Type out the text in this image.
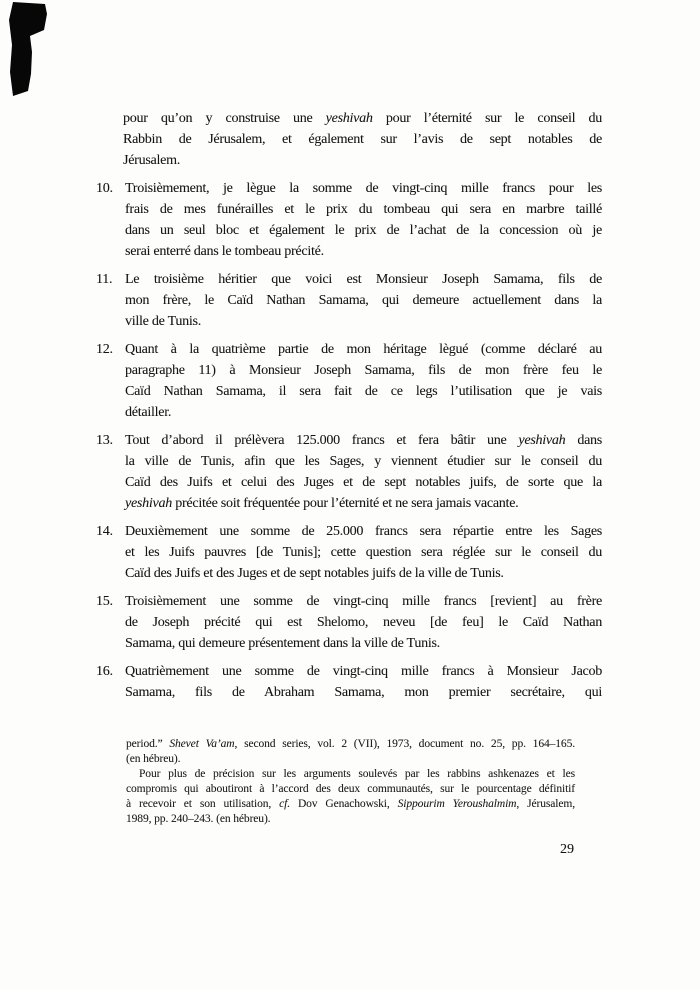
pour qu’on y construise une yeshivah pour l’éternité sur le conseil du
Rabbin de Jérusalem, et également sur l’avis de sept notables de
Jérusalem.
10. Troisièmement, je lègue la somme de vingt-cinq mille francs pour les
frais de mes funérailles et le prix du tombeau qui sera en marbre taillé
dans un seul bloc et également le prix de l’achat de la concession où je
serai enterré dans le tombeau précité.
11. Le troisième héritier que voici est Monsieur Joseph Samama, fils de
mon frère, le Caïd Nathan Samama, qui demeure actuellement dans la
ville de Tunis.
12. Quant à la quatrième partie de mon héritage lègué (comme déclaré au
paragraphe 11) à Monsieur Joseph Samama, fils de mon frère feu le
Caïd Nathan Samama, il sera fait de ce legs l’utilisation que je vais
détailler.
13. Tout d’abord il prélèvera 125.000 francs et fera bâtir une yeshivah dans
la ville de Tunis, afin que les Sages, y viennent étudier sur le conseil du
Caïd des Juifs et celui des Juges et de sept notables juifs, de sorte que la
yeshivah précitée soit fréquentée pour l’éternité et ne sera jamais vacante.
14. Deuxièmement une somme de 25.000 francs sera répartie entre les Sages
et les Juifs pauvres [de Tunis]; cette question sera réglée sur le conseil du
Caïd des Juifs et des Juges et de sept notables juifs de la ville de Tunis.
15. Troisièmement une somme de vingt-cinq mille francs [revient] au frère
de Joseph précité qui est Shelomo, neveu [de feu] le Caïd Nathan
Samama, qui demeure présentement dans la ville de Tunis.
16. Quatrièmement une somme de vingt-cinq mille francs à Monsieur Jacob
Samama, fils de Abraham Samama, mon premier secrétaire, qui
period.” Shevet Va’am, second series, vol. 2 (VII), 1973, document no. 25, pp. 164–165.
(en hébreu).
Pour plus de précision sur les arguments soulevés par les rabbins ashkenazes et les
compromis qui aboutiront à l’accord des deux communautés, sur le pourcentage définitif
à recevoir et son utilisation, cf. Dov Genachowski, Sippourim Yeroushalmim, Jérusalem,
1989, pp. 240–243. (en hébreu).
29
